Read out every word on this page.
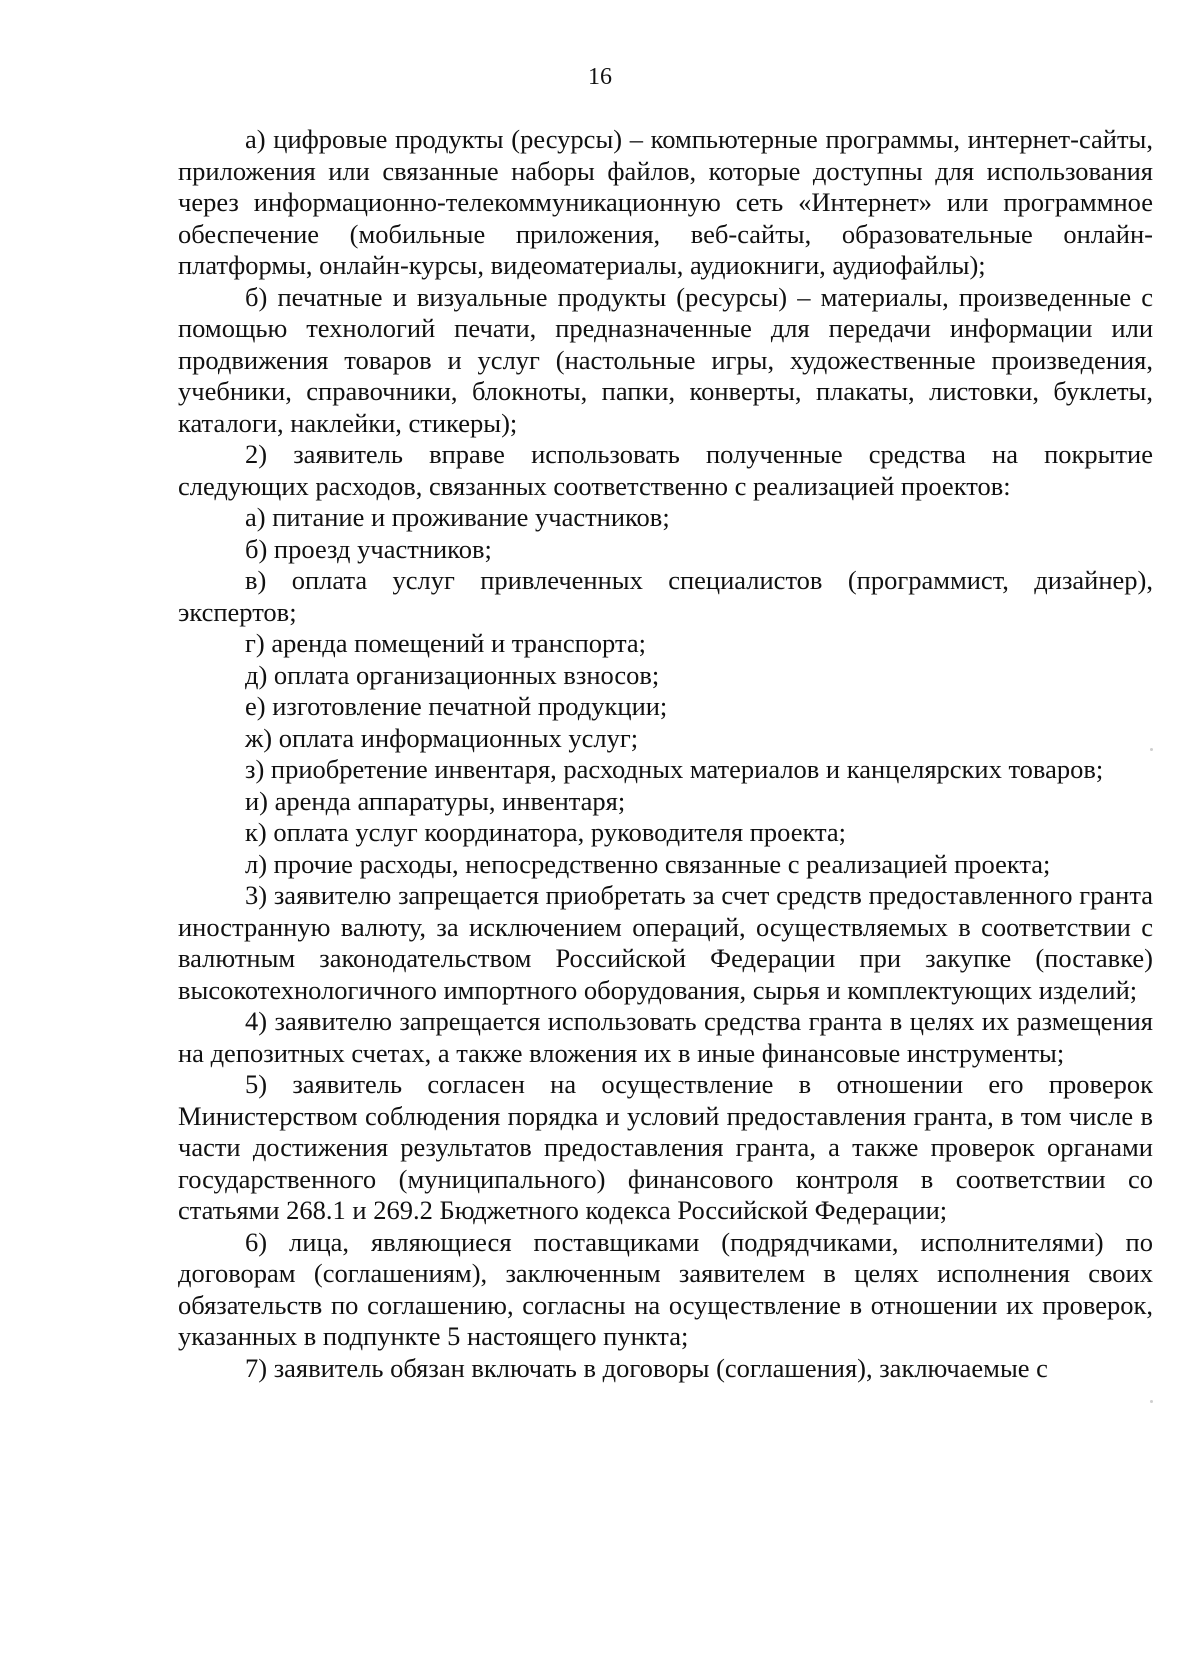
16

а) цифровые продукты (ресурсы) – компьютерные программы, интернет-сайты, приложения или связанные наборы файлов, которые доступны для использования через информационно-телекоммуникационную сеть «Интернет» или программное обеспечение (мобильные приложения, веб-сайты, образовательные онлайн-платформы, онлайн-курсы, видеоматериалы, аудиокниги, аудиофайлы);

б) печатные и визуальные продукты (ресурсы) – материалы, произведенные с помощью технологий печати, предназначенные для передачи информации или продвижения товаров и услуг (настольные игры, художественные произведения, учебники, справочники, блокноты, папки, конверты, плакаты, листовки, буклеты, каталоги, наклейки, стикеры);

2) заявитель вправе использовать полученные средства на покрытие следующих расходов, связанных соответственно с реализацией проектов:

а) питание и проживание участников;

б) проезд участников;

в) оплата услуг привлеченных специалистов (программист, дизайнер), экспертов;

г) аренда помещений и транспорта;

д) оплата организационных взносов;

е) изготовление печатной продукции;

ж) оплата информационных услуг;

з) приобретение инвентаря, расходных материалов и канцелярских товаров;

и) аренда аппаратуры, инвентаря;

к) оплата услуг координатора, руководителя проекта;

л) прочие расходы, непосредственно связанные с реализацией проекта;

3) заявителю запрещается приобретать за счет средств предоставленного гранта иностранную валюту, за исключением операций, осуществляемых в соответствии с валютным законодательством Российской Федерации при закупке (поставке) высокотехнологичного импортного оборудования, сырья и комплектующих изделий;

4) заявителю запрещается использовать средства гранта в целях их размещения на депозитных счетах, а также вложения их в иные финансовые инструменты;

5) заявитель согласен на осуществление в отношении его проверок Министерством соблюдения порядка и условий предоставления гранта, в том числе в части достижения результатов предоставления гранта, а также проверок органами государственного (муниципального) финансового контроля в соответствии со статьями 268.1 и 269.2 Бюджетного кодекса Российской Федерации;

6) лица, являющиеся поставщиками (подрядчиками, исполнителями) по договорам (соглашениям), заключенным заявителем в целях исполнения своих обязательств по соглашению, согласны на осуществление в отношении их проверок, указанных в подпункте 5 настоящего пункта;

7) заявитель обязан включать в договоры (соглашения), заключаемые с
